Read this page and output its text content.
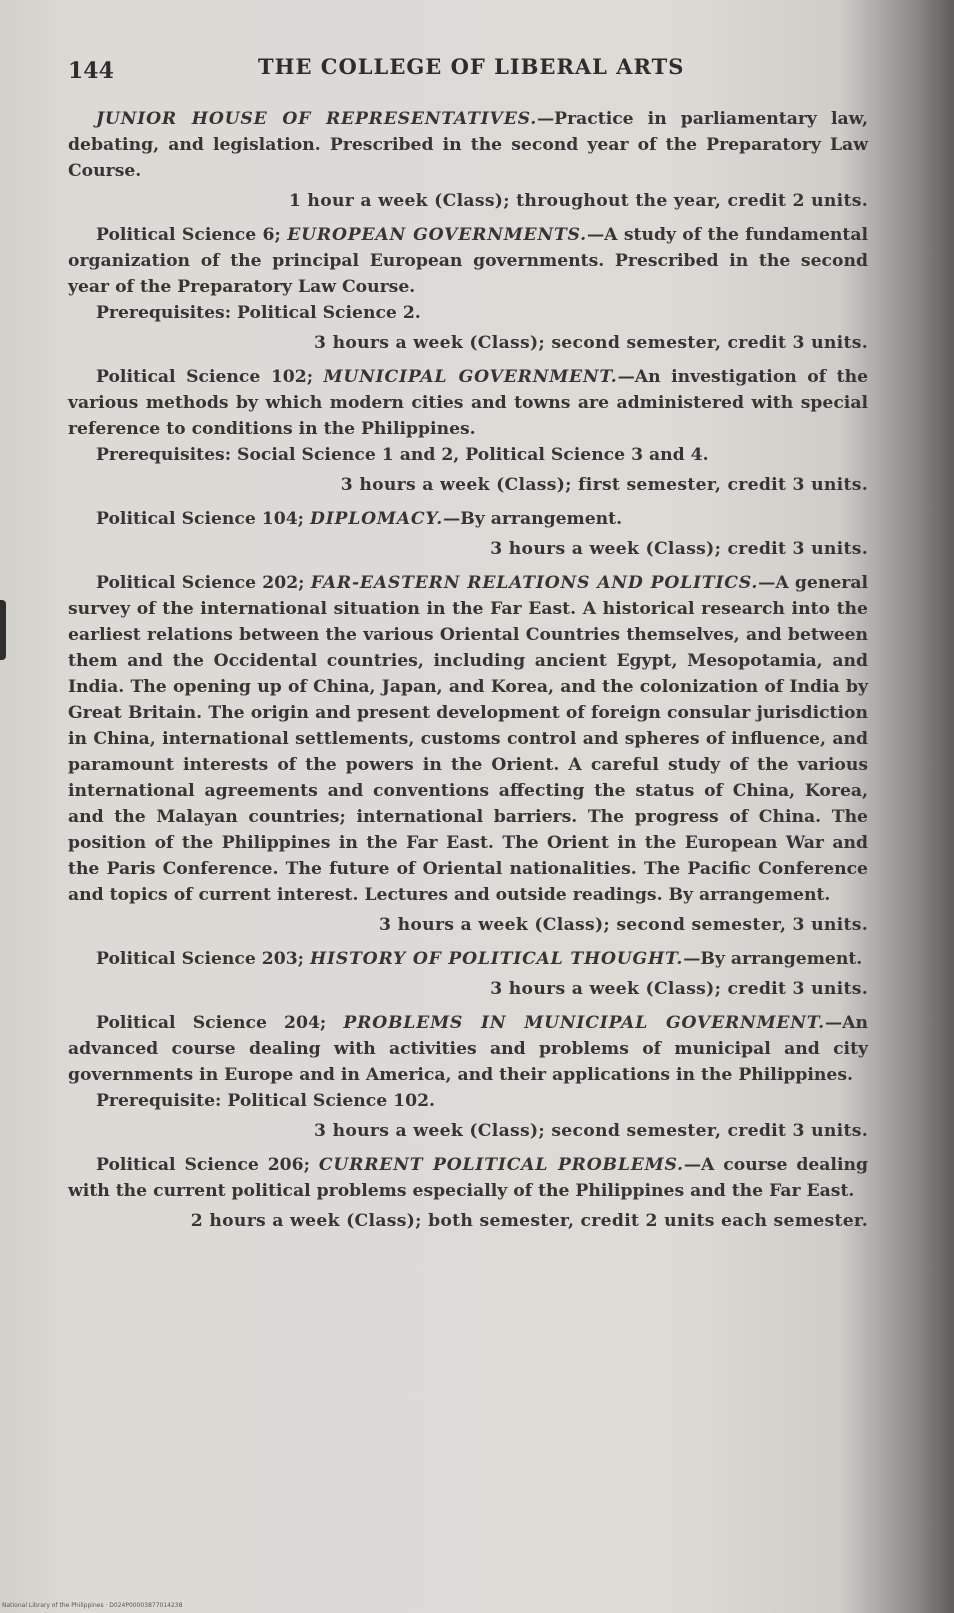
144	THE COLLEGE OF LIBERAL ARTS

JUNIOR HOUSE OF REPRESENTATIVES.—Practice in parliamentary law, debating, and legislation. Prescribed in the second year of the Preparatory Law Course.

1 hour a week (Class); throughout the year, credit 2 units.

Political Science 6; EUROPEAN GOVERNMENTS.—A study of the fundamental organization of the principal European governments. Prescribed in the second year of the Preparatory Law Course.

Prerequisites: Political Science 2.

3 hours a week (Class); second semester, credit 3 units.

Political Science 102; MUNICIPAL GOVERNMENT.—An investigation of the various methods by which modern cities and towns are administered with special reference to conditions in the Philippines.

Prerequisites: Social Science 1 and 2, Political Science 3 and 4.

3 hours a week (Class); first semester, credit 3 units.

Political Science 104; DIPLOMACY.—By arrangement.

3 hours a week (Class); credit 3 units.

Political Science 202; FAR-EASTERN RELATIONS AND POLITICS.—A general survey of the international situation in the Far East. A historical research into the earliest relations between the various Oriental Countries themselves, and between them and the Occidental countries, including ancient Egypt, Mesopotamia, and India. The opening up of China, Japan, and Korea, and the colonization of India by Great Britain. The origin and present development of foreign consular jurisdiction in China, international settlements, customs control and spheres of influence, and paramount interests of the powers in the Orient. A careful study of the various international agreements and conventions affecting the status of China, Korea, and the Malayan countries; international barriers. The progress of China. The position of the Philippines in the Far East. The Orient in the European War and the Paris Conference. The future of Oriental nationalities. The Pacific Conference and topics of current interest. Lectures and outside readings. By arrangement.

3 hours a week (Class); second semester, 3 units.

Political Science 203; HISTORY OF POLITICAL THOUGHT.—By arrangement.

3 hours a week (Class); credit 3 units.

Political Science 204; PROBLEMS IN MUNICIPAL GOVERNMENT.—An advanced course dealing with activities and problems of municipal and city governments in Europe and in America, and their applications in the Philippines.

Prerequisite: Political Science 102.

3 hours a week (Class); second semester, credit 3 units.

Political Science 206; CURRENT POLITICAL PROBLEMS.—A course dealing with the current political problems especially of the Philippines and the Far East.

2 hours a week (Class); both semester, credit 2 units each semester.

National Library of the Philippines · D024P00003877014238
